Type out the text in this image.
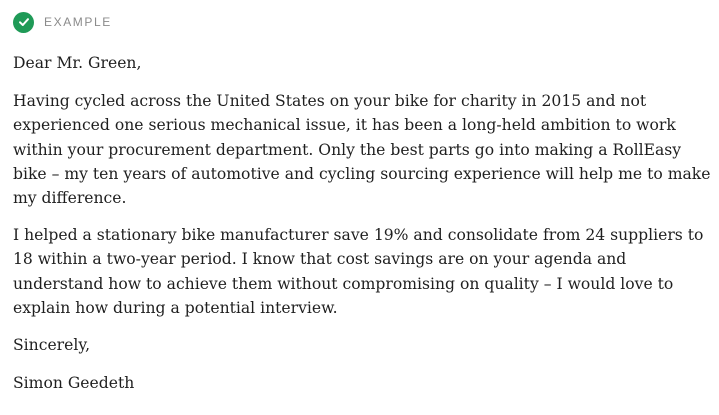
EXAMPLE

Dear Mr. Green,

Having cycled across the United States on your bike for charity in 2015 and not experienced one serious mechanical issue, it has been a long-held ambition to work within your procurement department. Only the best parts go into making a RollEasy bike – my ten years of automotive and cycling sourcing experience will help me to make my difference.

I helped a stationary bike manufacturer save 19% and consolidate from 24 suppliers to 18 within a two-year period. I know that cost savings are on your agenda and understand how to achieve them without compromising on quality – I would love to explain how during a potential interview.

Sincerely,

Simon Geedeth
